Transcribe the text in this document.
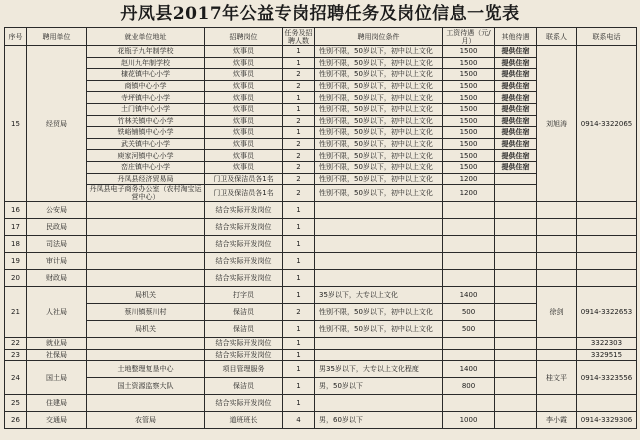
丹凤县2017年公益专岗招聘任务及岗位信息一览表
序号	聘用单位	就业单位地址	招聘岗位	任务及招聘人数	聘用岗位条件	工资待遇（元/月）	其他待遇	联系人	联系电话
15	经贸局	花瓶子九年制学校	炊事员	1	性别不限，50岁以下，初中以上文化	1500	提供住宿	刘旭涛	0914-3322065
		赵川九年制学校	炊事员	1	性别不限，50岁以下，初中以上文化	1500	提供住宿		
		棣花镇中心小学	炊事员	2	性别不限，50岁以下，初中以上文化	1500	提供住宿		
		商镇中心小学	炊事员	2	性别不限，50岁以下，初中以上文化	1500	提供住宿		
		寺坪镇中心小学	炊事员	1	性别不限，50岁以下，初中以上文化	1500	提供住宿		
		土门镇中心小学	炊事员	1	性别不限，50岁以下，初中以上文化	1500	提供住宿		
		竹林关镇中心小学	炊事员	2	性别不限，50岁以下，初中以上文化	1500	提供住宿		
		铁峪铺镇中心小学	炊事员	1	性别不限，50岁以下，初中以上文化	1500	提供住宿		
		武关镇中心小学	炊事员	2	性别不限，50岁以下，初中以上文化	1500	提供住宿		
		庾家河镇中心小学	炊事员	2	性别不限，50岁以下，初中以上文化	1500	提供住宿		
		峦庄镇中心小学	炊事员	2	性别不限，50岁以下，初中以上文化	1500	提供住宿		
		丹凤县经济贸易局	门卫及保洁员各1名	2	性别不限，50岁以下，初中以上文化	1200			
		丹凤县电子商务办公室（农村淘宝运营中心）	门卫及保洁员各1名	2	性别不限，50岁以下，初中以上文化	1200			
16	公安局		结合实际开发岗位	1					
17	民政局		结合实际开发岗位	1					
18	司法局		结合实际开发岗位	1					
19	审计局		结合实际开发岗位	1					
20	财政局		结合实际开发岗位	1					
21	人社局	局机关	打字员	1	35岁以下，大专以上文化	1400		徐剑	0914-3322653
		蔡川镇蔡川村	保洁员	2	性别不限，50岁以下，初中以上文化	500			
		局机关	保洁员	1	性别不限，50岁以下，初中以上文化	500			
22	就业局		结合实际开发岗位	1					3322303
23	社保局		结合实际开发岗位	1					3329515
24	国土局	土地整理复垦中心	项目管理服务	1	男35岁以下，大专以上文化程度	1400		桂文平	0914-3323556
		国土资源监察大队	保洁员	1	男，50岁以下	800			
25	住建局		结合实际开发岗位	1					
26	交通局	农管局	道班班长	4	男，60岁以下	1000		李小霞	0914-3329306
